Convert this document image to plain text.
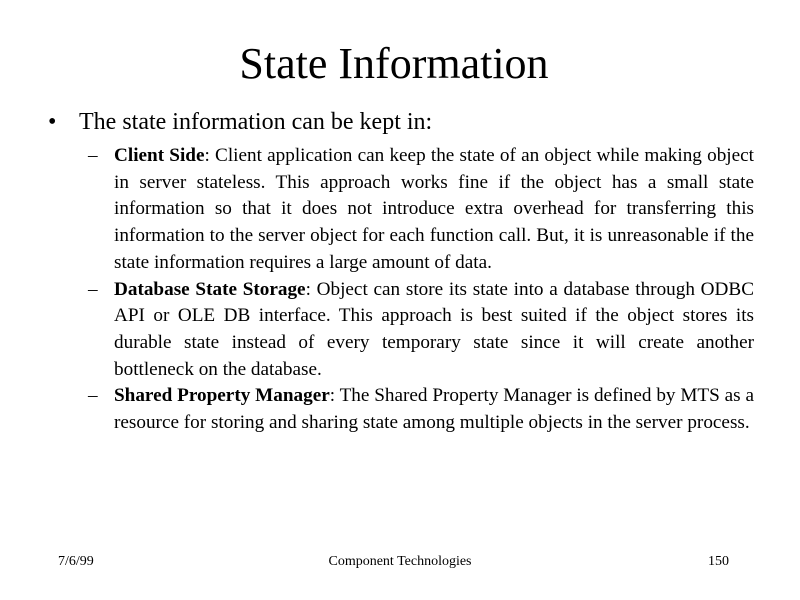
State Information
• The state information can be kept in:
– Client Side: Client application can keep the state of an object while making object in server stateless. This approach works fine if the object has a small state information so that it does not introduce extra overhead for transferring this information to the server object for each function call. But, it is unreasonable if the state information requires a large amount of data.
– Database State Storage: Object can store its state into a database through ODBC API or OLE DB interface. This approach is best suited if the object stores its durable state instead of every temporary state since it will create another bottleneck on the database.
– Shared Property Manager: The Shared Property Manager is defined by MTS as a resource for storing and sharing state among multiple objects in the server process.
7/6/99	Component Technologies	150
